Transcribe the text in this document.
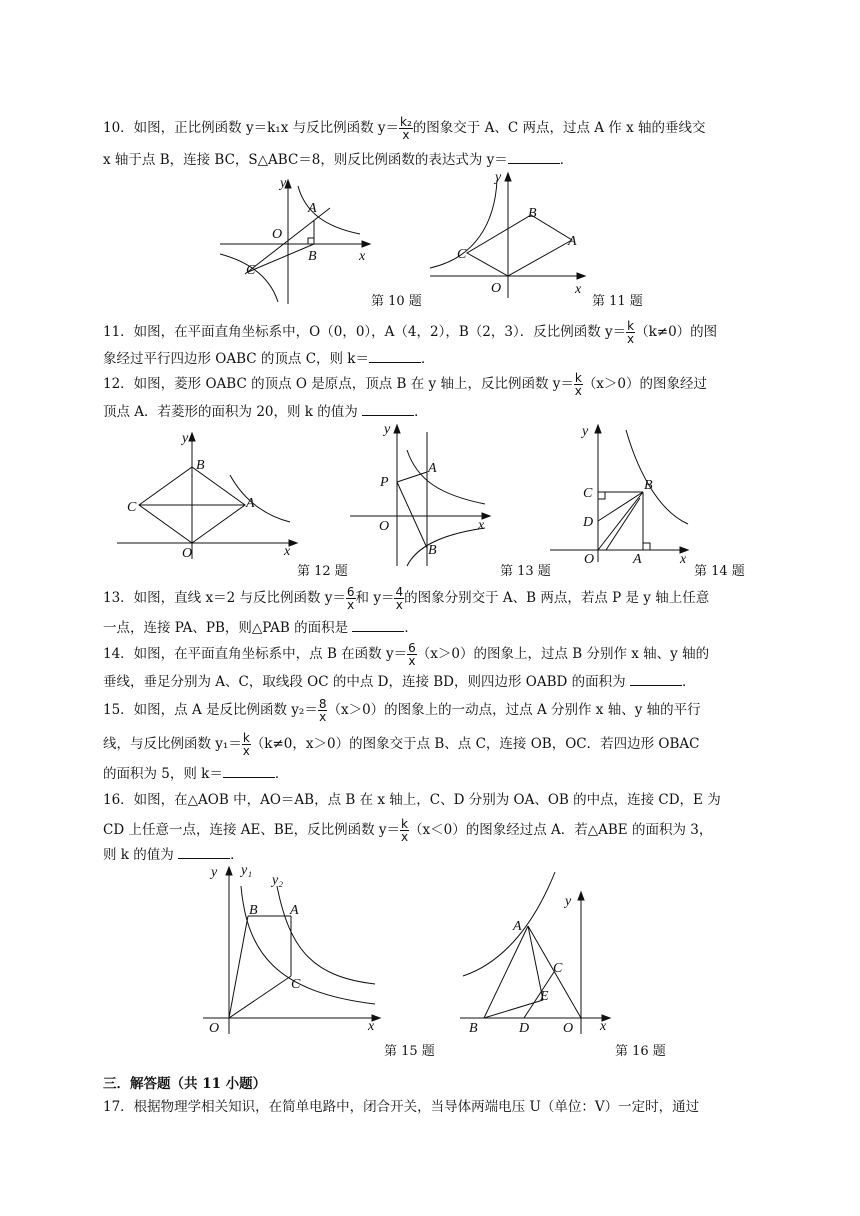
10．如图，正比例函数 y＝k₁x 与反比例函数 $y= \frac{\text{k₂}}{x}$ 的图象交于 A、C 两点，过点 A 作 x 轴的垂线交
x 轴于点 B，连接 BC，S△ABC＝8，则反比例函数的表达式为 y＝	．
y
x
O
A
B
C
第 10 题
y
x
O
A
B
C
第 11 题
11．如图，在平面直角坐标系中，O（0，0），A（4，2），B（2，3）．反比例函数 $y= \frac{k}{x} (k\ne 0)$的图
象经过平行四边形 OABC 的顶点 C，则 k＝	．
12．如图，菱形 OABC 的顶点 O 是原点，顶点 B 在 y 轴上，反比例函数 $y= \frac{k}{x} (x>0)$的图象经过
顶点 A．若菱形的面积为 20，则 k 的值为	．
y
x
O
A
B
C
第 12 题
y
x
O
A
B
P
第 13 题
y
x
O	A
B
C
D
第 14 题
13．如图，直线 x＝2 与反比例函数 $y= \frac{6}{x}$ 和 $y= \frac{4}{x}$ 的图象分别交于 A、B 两点，若点 P 是 y 轴上任意
一点，连接 PA、PB，则△PAB 的面积是	．
14．如图，在平面直角坐标系中，点 B 在函数 $y= \frac{6}{x} (x>0)$的图象上，过点 B 分别作 x 轴、y 轴的
垂线，垂足分别为 A、C，取线段 OC 的中点 D，连接 BD，则四边形 OABD 的面积为	．
15．如图，点 A 是反比例函数 $y_2= \frac{8}{x} (x>0)$的图象上的一动点，过点 A 分别作 x 轴、y 轴的平行
线，与反比例函数 $y_1= \frac{k}{x} (k\ne 0$，x＞0）的图象交于点 B、点 C，连接 OB，OC．若四边形 OBAC
的面积为 5，则 k＝	．
16．如图，在△AOB 中，AO＝AB，点 B 在 x 轴上，C、D 分别为 OA、OB 的中点，连接 CD，E 为
CD 上任意一点，连接 AE、BE，反比例函数 $y= \frac{k}{x} (x<0)$的图象经过点 A．若△ABE 的面积为 3，
则 k 的值为	．
y y₁
y₂
x
O
A
B
C
第 15 题
y
x
O
A
B
C
D
E
第 16 题
三．解答题（共 11 小题）
17．根据物理学相关知识，在简单电路中，闭合开关，当导体两端电压 U（单位：V）一定时，通过
